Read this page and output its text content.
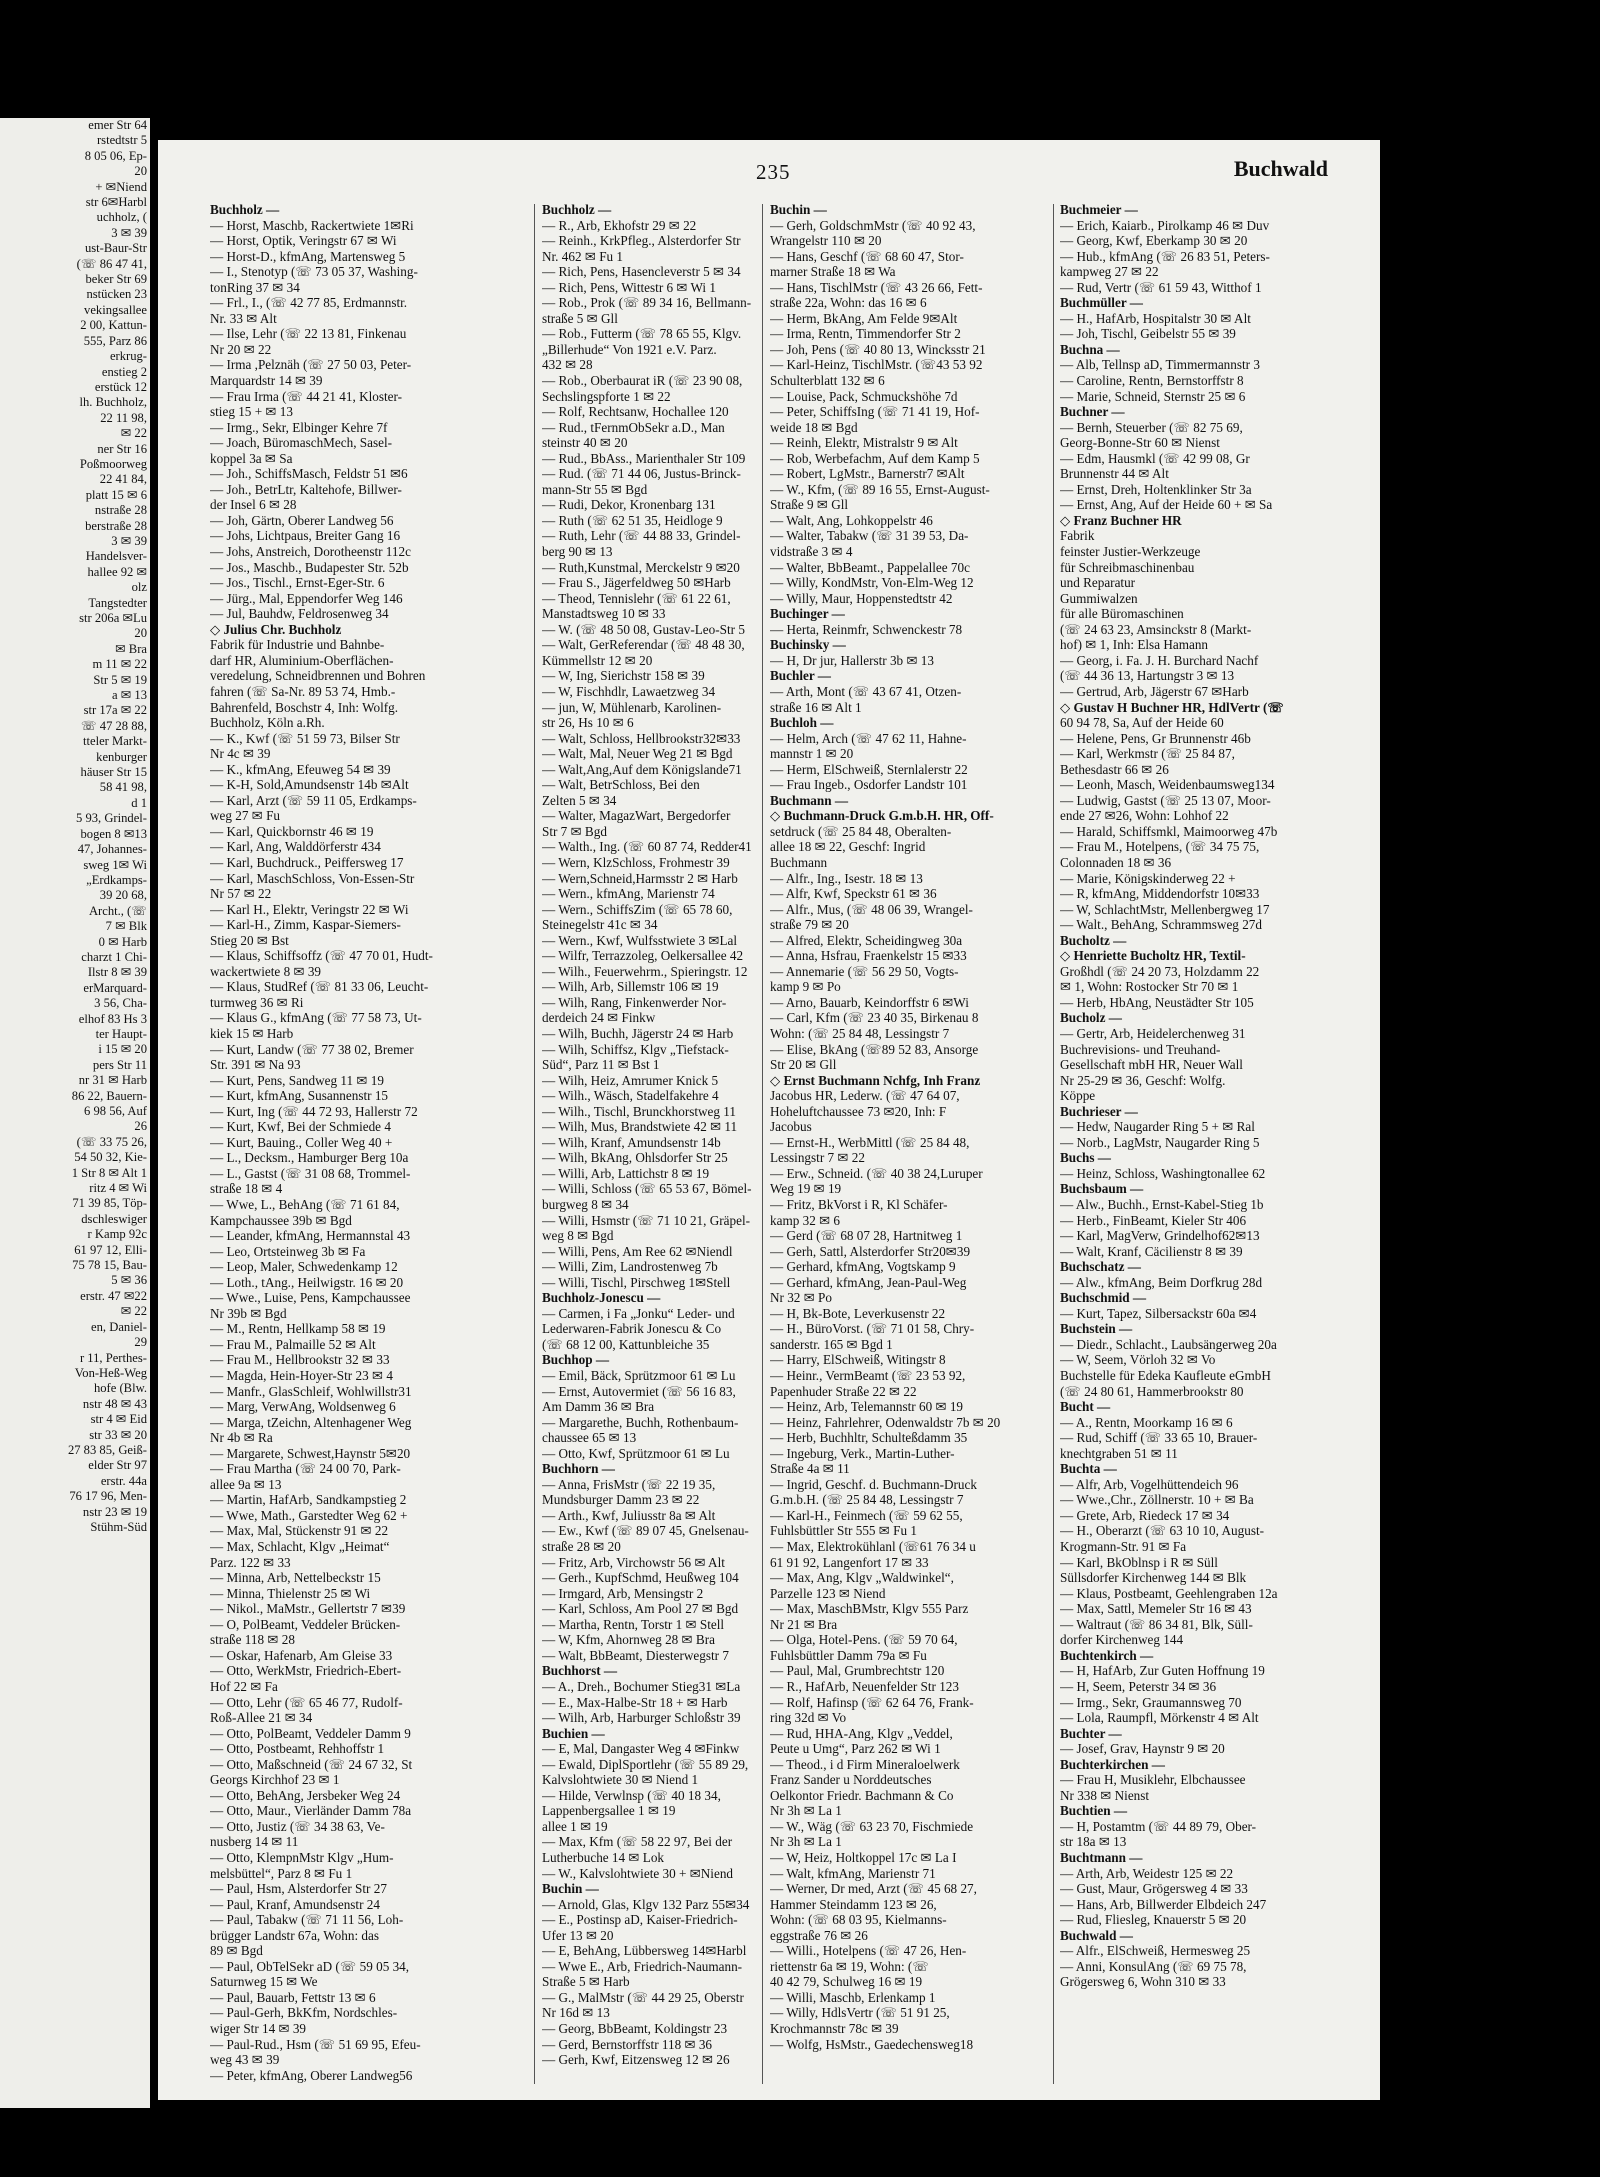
emer Str 64
rstedtstr 5
8 05 06, Ep-
20
+ ✉Niend
str 6✉Harbl
uchholz, (
3 ✉ 39
ust-Baur-Str
(☏ 86 47 41,
beker Str 69
nstücken 23
vekingsallee
2 00, Kattun-
555, Parz 86
erkrug-
enstieg 2
erstück 12
lh. Buchholz,
22 11 98,
✉ 22
ner Str 16
Poßmoorweg
22 41 84,
platt 15 ✉ 6
nstraße 28
berstraße 28
3 ✉ 39
Handelsver-
hallee 92 ✉
olz
Tangstedter
str 206a ✉Lu
20
✉ Bra
m 11 ✉ 22
Str 5 ✉ 19
a ✉ 13
str 17a ✉ 22
☏ 47 28 88,
tteler Markt-
kenburger
häuser Str 15
58 41 98,
d 1
5 93, Grindel-
bogen 8 ✉13
47, Johannes-
sweg 1✉ Wi
„Erdkamps-
39 20 68,
Archt., (☏
7 ✉ Blk
0 ✉ Harb
charzt 1 Chi-
Ilstr 8 ✉ 39
erMarquard-
3 56, Cha-
elhof 83 Hs 3
ter Haupt-
i 15 ✉ 20
pers Str 11
nr 31 ✉ Harb
86 22, Bauern-
6 98 56, Auf
26
(☏ 33 75 26,
54 50 32, Kie-
1 Str 8 ✉ Alt 1
ritz 4 ✉ Wi
71 39 85, Töp-
dschleswiger
r Kamp 92c
61 97 12, Elli-
75 78 15, Bau-
5 ✉ 36
erstr. 47 ✉22
✉ 22
en, Daniel-
29
r 11, Perthes-
Von-Heß-Weg
hofe (Blw.
nstr 48 ✉ 43
str 4 ✉ Eid
str 33 ✉ 20
27 83 85, Geiß-
elder Str 97
erstr. 44a
76 17 96, Men-
nstr 23 ✉ 19
Stühm-Süd
235	Buchwald
Buchholz —
— Horst, Maschb, Rackertwiete 1✉Ri
— Horst, Optik, Veringstr 67 ✉ Wi
— Horst-D., kfmAng, Martensweg 5
— I., Stenotyp (☏ 73 05 37, Washing-
tonRing 37 ✉ 34
— Frl., I., (☏ 42 77 85, Erdmannstr.
Nr. 33 ✉ Alt
— Ilse, Lehr (☏ 22 13 81, Finkenau
Nr 20 ✉ 22
— Irma ,Pelznäh (☏ 27 50 03, Peter-
Marquardstr 14 ✉ 39
— Frau Irma (☏ 44 21 41, Kloster-
stieg 15 + ✉ 13
— Irmg., Sekr, Elbinger Kehre 7f
— Joach, BüromaschMech, Sasel-
koppel 3a ✉ Sa
— Joh., SchiffsMasch, Feldstr 51 ✉6
— Joh., BetrLtr, Kaltehofe, Billwer-
der Insel 6 ✉ 28
— Joh, Gärtn, Oberer Landweg 56
— Johs, Lichtpaus, Breiter Gang 16
— Johs, Anstreich, Dorotheenstr 112c
— Jos., Maschb., Budapester Str. 52b
— Jos., Tischl., Ernst-Eger-Str. 6
— Jürg., Mal, Eppendorfer Weg 146
— Jul, Bauhdw, Feldrosenweg 34
◇ Julius Chr. Buchholz
Fabrik für Industrie und Bahnbe-
darf HR, Aluminium-Oberflächen-
veredelung, Schneidbrennen und Bohren
fahren (☏ Sa-Nr. 89 53 74, Hmb.-
Bahrenfeld, Boschstr 4, Inh: Wolfg.
Buchholz, Köln a.Rh.
— K., Kwf (☏ 51 59 73, Bilser Str
Nr 4c ✉ 39
— K., kfmAng, Efeuweg 54 ✉ 39
— K-H, Sold,Amundsenstr 14b ✉Alt
— Karl, Arzt (☏ 59 11 05, Erdkamps-
weg 27 ✉ Fu
— Karl, Quickbornstr 46 ✉ 19
— Karl, Ang, Walddörferstr 434
— Karl, Buchdruck., Peiffersweg 17
— Karl, MaschSchloss, Von-Essen-Str
Nr 57 ✉ 22
— Karl H., Elektr, Veringstr 22 ✉ Wi
— Karl-H., Zimm, Kaspar-Siemers-
Stieg 20 ✉ Bst
— Klaus, Schiffsoffz (☏ 47 70 01, Hudt-
wackertwiete 8 ✉ 39
— Klaus, StudRef (☏ 81 33 06, Leucht-
turmweg 36 ✉ Ri
— Klaus G., kfmAng (☏ 77 58 73, Ut-
kiek 15 ✉ Harb
— Kurt, Landw (☏ 77 38 02, Bremer
Str. 391 ✉ Na 93
— Kurt, Pens, Sandweg 11 ✉ 19
— Kurt, kfmAng, Susannenstr 15
— Kurt, Ing (☏ 44 72 93, Hallerstr 72
— Kurt, Kwf, Bei der Schmiede 4
— Kurt, Bauing., Coller Weg 40 +
— L., Decksm., Hamburger Berg 10a
— L., Gastst (☏ 31 08 68, Trommel-
straße 18 ✉ 4
— Wwe, L., BehAng (☏ 71 61 84,
Kampchaussee 39b ✉ Bgd
— Leander, kfmAng, Hermannstal 43
— Leo, Ortsteinweg 3b ✉ Fa
— Leop, Maler, Schwedenkamp 12
— Loth., tAng., Heilwigstr. 16 ✉ 20
— Wwe., Luise, Pens, Kampchaussee
Nr 39b ✉ Bgd
— M., Rentn, Hellkamp 58 ✉ 19
— Frau M., Palmaille 52 ✉ Alt
— Frau M., Hellbrookstr 32 ✉ 33
— Magda, Hein-Hoyer-Str 23 ✉ 4
— Manfr., GlasSchleif, Wohlwillstr31
— Marg, VerwAng, Woldsenweg 6
— Marga, tZeichn, Altenhagener Weg
Nr 4b ✉ Ra
— Margarete, Schwest,Haynstr 5✉20
— Frau Martha (☏ 24 00 70, Park-
allee 9a ✉ 13
— Martin, HafArb, Sandkampstieg 2
— Wwe, Math., Garstedter Weg 62 +
— Max, Mal, Stückenstr 91 ✉ 22
— Max, Schlacht, Klgv „Heimat“
Parz. 122 ✉ 33
— Minna, Arb, Nettelbeckstr 15
— Minna, Thielenstr 25 ✉ Wi
— Nikol., MaMstr., Gellertstr 7 ✉39
— O, PolBeamt, Veddeler Brücken-
straße 118 ✉ 28
— Oskar, Hafenarb, Am Gleise 33
— Otto, WerkMstr, Friedrich-Ebert-
Hof 22 ✉ Fa
— Otto, Lehr (☏ 65 46 77, Rudolf-
Roß-Allee 21 ✉ 34
— Otto, PolBeamt, Veddeler Damm 9
— Otto, Postbeamt, Rehhoffstr 1
— Otto, Maßschneid (☏ 24 67 32, St
Georgs Kirchhof 23 ✉ 1
— Otto, BehAng, Jersbeker Weg 24
— Otto, Maur., Vierländer Damm 78a
— Otto, Justiz (☏ 34 38 63, Ve-
nusberg 14 ✉ 11
— Otto, KlempnMstr Klgv „Hum-
melsbüttel“, Parz 8 ✉ Fu 1
— Paul, Hsm, Alsterdorfer Str 27
— Paul, Kranf, Amundsenstr 24
— Paul, Tabakw (☏ 71 11 56, Loh-
brügger Landstr 67a, Wohn: das
89 ✉ Bgd
— Paul, ObTelSekr aD (☏ 59 05 34,
Saturnweg 15 ✉ We
— Paul, Bauarb, Fettstr 13 ✉ 6
— Paul-Gerh, BkKfm, Nordschles-
wiger Str 14 ✉ 39
— Paul-Rud., Hsm (☏ 51 69 95, Efeu-
weg 43 ✉ 39
— Peter, kfmAng, Oberer Landweg56
Buchholz —
— R., Arb, Ekhofstr 29 ✉ 22
— Reinh., KrkPfleg., Alsterdorfer Str
Nr. 462 ✉ Fu 1
— Rich, Pens, Hasencleverstr 5 ✉ 34
— Rich, Pens, Wittestr 6 ✉ Wi 1
— Rob., Prok (☏ 89 34 16, Bellmann-
straße 5 ✉ Gll
— Rob., Futterm (☏ 78 65 55, Klgv.
„Billerhude“ Von 1921 e.V. Parz.
432 ✉ 28
— Rob., Oberbaurat iR (☏ 23 90 08,
Sechslingspforte 1 ✉ 22
— Rolf, Rechtsanw, Hochallee 120
— Rud., tFernmObSekr a.D., Man
steinstr 40 ✉ 20
— Rud., BbAss., Marienthaler Str 109
— Rud. (☏ 71 44 06, Justus-Brinck-
mann-Str 55 ✉ Bgd
— Rudi, Dekor, Kronenbarg 131
— Ruth (☏ 62 51 35, Heidloge 9
— Ruth, Lehr (☏ 44 88 33, Grindel-
berg 90 ✉ 13
— Ruth,Kunstmal, Merckelstr 9 ✉20
— Frau S., Jägerfeldweg 50 ✉Harb
— Theod, Tennislehr (☏ 61 22 61,
Manstadtsweg 10 ✉ 33
— W. (☏ 48 50 08, Gustav-Leo-Str 5
— Walt, GerReferendar (☏ 48 48 30,
Kümmellstr 12 ✉ 20
— W, Ing, Sierichstr 158 ✉ 39
— W, Fischhdlr, Lawaetzweg 34
— jun, W, Mühlenarb, Karolinen-
str 26, Hs 10 ✉ 6
— Walt, Schloss, Hellbrookstr32✉33
— Walt, Mal, Neuer Weg 21 ✉ Bgd
— Walt,Ang,Auf dem Königslande71
— Walt, BetrSchloss, Bei den
Zelten 5 ✉ 34
— Walter, MagazWart, Bergedorfer
Str 7 ✉ Bgd
— Walth., Ing. (☏ 60 87 74, Redder41
— Wern, KlzSchloss, Frohmestr 39
— Wern,Schneid,Harmsstr 2 ✉ Harb
— Wern., kfmAng, Marienstr 74
— Wern., SchiffsZim (☏ 65 78 60,
Steinegelstr 41c ✉ 34
— Wern., Kwf, Wulfsstwiete 3 ✉Lal
— Wilfr, Terrazzoleg, Oelkersallee 42
— Wilh., Feuerwehrm., Spieringstr. 12
— Wilh, Arb, Sillemstr 106 ✉ 19
— Wilh, Rang, Finkenwerder Nor-
derdeich 24 ✉ Finkw
— Wilh, Buchh, Jägerstr 24 ✉ Harb
— Wilh, Schiffsz, Klgv „Tiefstack-
Süd“, Parz 11 ✉ Bst 1
— Wilh, Heiz, Amrumer Knick 5
— Wilh., Wäsch, Stadelfakehre 4
— Wilh., Tischl, Brunckhorstweg 11
— Wilh, Mus, Brandstwiete 42 ✉ 11
— Wilh, Kranf, Amundsenstr 14b
— Wilh, BkAng, Ohlsdorfer Str 25
— Willi, Arb, Lattichstr 8 ✉ 19
— Willi, Schloss (☏ 65 53 67, Bömel-
burgweg 8 ✉ 34
— Willi, Hsmstr (☏ 71 10 21, Gräpel-
weg 8 ✉ Bgd
— Willi, Pens, Am Ree 62 ✉Niendl
— Willi, Zim, Landrostenweg 7b
— Willi, Tischl, Pirschweg 1✉Stell
Buchholz-Jonescu —
— Carmen, i Fa „Jonku“ Leder- und
Lederwaren-Fabrik Jonescu & Co
(☏ 68 12 00, Kattunbleiche 35
Buchhop —
— Emil, Bäck, Sprützmoor 61 ✉ Lu
— Ernst, Autovermiet (☏ 56 16 83,
Am Damm 36 ✉ Bra
— Margarethe, Buchh, Rothenbaum-
chaussee 65 ✉ 13
— Otto, Kwf, Sprützmoor 61 ✉ Lu
Buchhorn —
— Anna, FrisMstr (☏ 22 19 35,
Mundsburger Damm 23 ✉ 22
— Arth., Kwf, Juliusstr 8a ✉ Alt
— Ew., Kwf (☏ 89 07 45, Gnelsenau-
straße 28 ✉ 20
— Fritz, Arb, Virchowstr 56 ✉ Alt
— Gerh., KupfSchmd, Heußweg 104
— Irmgard, Arb, Mensingstr 2
— Karl, Schloss, Am Pool 27 ✉ Bgd
— Martha, Rentn, Torstr 1 ✉ Stell
— W, Kfm, Ahornweg 28 ✉ Bra
— Walt, BbBeamt, Diesterwegstr 7
Buchhorst —
— A., Dreh., Bochumer Stieg31 ✉La
— E., Max-Halbe-Str 18 + ✉ Harb
— Wilh, Arb, Harburger Schloßstr 39
Buchien —
— E, Mal, Dangaster Weg 4 ✉Finkw
— Ewald, DiplSportlehr (☏ 55 89 29,
Kalvslohtwiete 30 ✉ Niend 1
— Hilde, Verwlnsp (☏ 40 18 34,
Lappenbergsallee 1 ✉ 19
allee 1 ✉ 19
— Max, Kfm (☏ 58 22 97, Bei der
Lutherbuche 14 ✉ Lok
— W., Kalvslohtwiete 30 + ✉Niend
Buchin —
— Arnold, Glas, Klgv 132 Parz 55✉34
— E., Postinsp aD, Kaiser-Friedrich-
Ufer 13 ✉ 20
— E, BehAng, Lübbersweg 14✉Harbl
— Wwe E., Arb, Friedrich-Naumann-
Straße 5 ✉ Harb
— G., MalMstr (☏ 44 29 25, Oberstr
Nr 16d ✉ 13
— Georg, BbBeamt, Koldingstr 23
— Gerd, Bernstorffstr 118 ✉ 36
— Gerh, Kwf, Eitzensweg 12 ✉ 26
Buchin —
— Gerh, GoldschmMstr (☏ 40 92 43,
Wrangelstr 110 ✉ 20
— Hans, Geschf (☏ 68 60 47, Stor-
marner Straße 18 ✉ Wa
— Hans, TischlMstr (☏ 43 26 66, Fett-
straße 22a, Wohn: das 16 ✉ 6
— Herm, BkAng, Am Felde 9✉Alt
— Irma, Rentn, Timmendorfer Str 2
— Joh, Pens (☏ 40 80 13, Wincksstr 21
— Karl-Heinz, TischlMstr. (☏43 53 92
Schulterblatt 132 ✉ 6
— Louise, Pack, Schmuckshöhe 7d
— Peter, SchiffsIng (☏ 71 41 19, Hof-
weide 18 ✉ Bgd
— Reinh, Elektr, Mistralstr 9 ✉ Alt
— Rob, Werbefachm, Auf dem Kamp 5
— Robert, LgMstr., Barnerstr7 ✉Alt
— W., Kfm, (☏ 89 16 55, Ernst-August-
Straße 9 ✉ Gll
— Walt, Ang, Lohkoppelstr 46
— Walter, Tabakw (☏ 31 39 53, Da-
vidstraße 3 ✉ 4
— Walter, BbBeamt., Pappelallee 70c
— Willy, KondMstr, Von-Elm-Weg 12
— Willy, Maur, Hoppenstedtstr 42
Buchinger —
— Herta, Reinmfr, Schwenckestr 78
Buchinsky —
— H, Dr jur, Hallerstr 3b ✉ 13
Buchler —
— Arth, Mont (☏ 43 67 41, Otzen-
straße 16 ✉ Alt 1
Buchloh —
— Helm, Arch (☏ 47 62 11, Hahne-
mannstr 1 ✉ 20
— Herm, ElSchweiß, Sternlalerstr 22
— Frau Ingeb., Osdorfer Landstr 101
Buchmann —
◇ Buchmann-Druck G.m.b.H. HR, Off-
setdruck (☏ 25 84 48, Oberalten-
allee 18 ✉ 22, Geschf: Ingrid
Buchmann
— Alfr., Ing., Isestr. 18 ✉ 13
— Alfr, Kwf, Speckstr 61 ✉ 36
— Alfr., Mus, (☏ 48 06 39, Wrangel-
straße 79 ✉ 20
— Alfred, Elektr, Scheidingweg 30a
— Anna, Hsfrau, Fraenkelstr 15 ✉33
— Annemarie (☏ 56 29 50, Vogts-
kamp 9 ✉ Po
— Arno, Bauarb, Keindorffstr 6 ✉Wi
— Carl, Kfm (☏ 23 40 35, Birkenau 8
Wohn: (☏ 25 84 48, Lessingstr 7
— Elise, BkAng (☏89 52 83, Ansorge
Str 20 ✉ Gll
◇ Ernst Buchmann Nchfg, Inh Franz
Jacobus HR, Lederw. (☏ 47 64 07,
Hoheluftchaussee 73 ✉20, Inh: F
Jacobus
— Ernst-H., WerbMittl (☏ 25 84 48,
Lessingstr 7 ✉ 22
— Erw., Schneid. (☏ 40 38 24,Luruper
Weg 19 ✉ 19
— Fritz, BkVorst i R, Kl Schäfer-
kamp 32 ✉ 6
— Gerd (☏ 68 07 28, Hartnitweg 1
— Gerh, Sattl, Alsterdorfer Str20✉39
— Gerhard, kfmAng, Vogtskamp 9
— Gerhard, kfmAng, Jean-Paul-Weg
Nr 32 ✉ Po
— H, Bk-Bote, Leverkusenstr 22
— H., BüroVorst. (☏ 71 01 58, Chry-
sanderstr. 165 ✉ Bgd 1
— Harry, ElSchweiß, Witingstr 8
— Heinr., VermBeamt (☏ 23 53 92,
Papenhuder Straße 22 ✉ 22
— Heinz, Arb, Telemannstr 60 ✉ 19
— Heinz, Fahrlehrer, Odenwaldstr 7b ✉ 20
— Herb, Buchhltr, Schulteßdamm 35
— Ingeburg, Verk., Martin-Luther-
Straße 4a ✉ 11
— Ingrid, Geschf. d. Buchmann-Druck
G.m.b.H. (☏ 25 84 48, Lessingstr 7
— Karl-H., Feinmech (☏ 59 62 55,
Fuhlsbüttler Str 555 ✉ Fu 1
— Max, Elektrokühlanl (☏61 76 34 u
61 91 92, Langenfort 17 ✉ 33
— Max, Ang, Klgv „Waldwinkel“,
Parzelle 123 ✉ Niend
— Max, MaschBMstr, Klgv 555 Parz
Nr 21 ✉ Bra
— Olga, Hotel-Pens. (☏ 59 70 64,
Fuhlsbüttler Damm 79a ✉ Fu
— Paul, Mal, Grumbrechtstr 120
— R., HafArb, Neuenfelder Str 123
— Rolf, Hafinsp (☏ 62 64 76, Frank-
ring 32d ✉ Vo
— Rud, HHA-Ang, Klgv „Veddel,
Peute u Umg“, Parz 262 ✉ Wi 1
— Theod., i d Firm Mineraloelwerk
Franz Sander u Norddeutsches
Oelkontor Friedr. Bachmann & Co
Nr 3h ✉ La 1
— W., Wäg (☏ 63 23 70, Fischmiede
Nr 3h ✉ La 1
— W, Heiz, Holtkoppel 17c ✉ La I
— Walt, kfmAng, Marienstr 71
— Werner, Dr med, Arzt (☏ 45 68 27,
Hammer Steindamm 123 ✉ 26,
Wohn: (☏ 68 03 95, Kielmanns-
eggstraße 76 ✉ 26
— Willi., Hotelpens (☏ 47 26, Hen-
riettenstr 6a ✉ 19, Wohn: (☏
40 42 79, Schulweg 16 ✉ 19
— Willi, Maschb, Erlenkamp 1
— Willy, HdlsVertr (☏ 51 91 25,
Krochmannstr 78c ✉ 39
— Wolfg, HsMstr., Gaedechensweg18
Buchmeier —
— Erich, Kaiarb., Pirolkamp 46 ✉ Duv
— Georg, Kwf, Eberkamp 30 ✉ 20
— Hub., kfmAng (☏ 26 83 51, Peters-
kampweg 27 ✉ 22
— Rud, Vertr (☏ 61 59 43, Witthof 1
Buchmüller —
— H., HafArb, Hospitalstr 30 ✉ Alt
— Joh, Tischl, Geibelstr 55 ✉ 39
Buchna —
— Alb, Tellnsp aD, Timmermannstr 3
— Caroline, Rentn, Bernstorffstr 8
— Marie, Schneid, Sternstr 25 ✉ 6
Buchner —
— Bernh, Steuerber (☏ 82 75 69,
Georg-Bonne-Str 60 ✉ Nienst
— Edm, Hausmkl (☏ 42 99 08, Gr
Brunnenstr 44 ✉ Alt
— Ernst, Dreh, Holtenklinker Str 3a
— Ernst, Ang, Auf der Heide 60 + ✉ Sa
◇ Franz Buchner HR
Fabrik
feinster Justier-Werkzeuge
für Schreibmaschinenbau
und Reparatur
Gummiwalzen
für alle Büromaschinen
(☏ 24 63 23, Amsinckstr 8 (Markt-
hof) ✉ 1, Inh: Elsa Hamann
— Georg, i. Fa. J. H. Burchard Nachf
(☏ 44 36 13, Hartungstr 3 ✉ 13
— Gertrud, Arb, Jägerstr 67 ✉Harb
◇ Gustav H Buchner HR, HdlVertr (☏
60 94 78, Sa, Auf der Heide 60
— Helene, Pens, Gr Brunnenstr 46b
— Karl, Werkmstr (☏ 25 84 87,
Bethesdastr 66 ✉ 26
— Leonh, Masch, Weidenbaumsweg134
— Ludwig, Gastst (☏ 25 13 07, Moor-
ende 27 ✉26, Wohn: Lohhof 22
— Harald, Schiffsmkl, Maimoorweg 47b
— Frau M., Hotelpens, (☏ 34 75 75,
Colonnaden 18 ✉ 36
— Marie, Königskinderweg 22 +
— R, kfmAng, Middendorfstr 10✉33
— W, SchlachtMstr, Mellenbergweg 17
— Walt., BehAng, Schrammsweg 27d
Bucholtz —
◇ Henriette Bucholtz HR, Textil-
Großhdl (☏ 24 20 73, Holzdamm 22
✉ 1, Wohn: Rostocker Str 70 ✉ 1
— Herb, HbAng, Neustädter Str 105
Bucholz —
— Gertr, Arb, Heidelerchenweg 31
Buchrevisions- und Treuhand-
Gesellschaft mbH HR, Neuer Wall
Nr 25-29 ✉ 36, Geschf: Wolfg.
Köppe
Buchrieser —
— Hedw, Naugarder Ring 5 + ✉ Ral
— Norb., LagMstr, Naugarder Ring 5
Buchs —
— Heinz, Schloss, Washingtonallee 62
Buchsbaum —
— Alw., Buchh., Ernst-Kabel-Stieg 1b
— Herb., FinBeamt, Kieler Str 406
— Karl, MagVerw, Grindelhof62✉13
— Walt, Kranf, Cäcilienstr 8 ✉ 39
Buchschatz —
— Alw., kfmAng, Beim Dorfkrug 28d
Buchschmid —
— Kurt, Tapez, Silbersackstr 60a ✉4
Buchstein —
— Diedr., Schlacht., Laubsängerweg 20a
— W, Seem, Vörloh 32 ✉ Vo
Buchstelle für Edeka Kaufleute eGmbH
(☏ 24 80 61, Hammerbrookstr 80
Bucht —
— A., Rentn, Moorkamp 16 ✉ 6
— Rud, Schiff (☏ 33 65 10, Brauer-
knechtgraben 51 ✉ 11
Buchta —
— Alfr, Arb, Vogelhüttendeich 96
— Wwe.,Chr., Zöllnerstr. 10 + ✉ Ba
— Grete, Arb, Riedeck 17 ✉ 34
— H., Oberarzt (☏ 63 10 10, August-
Krogmann-Str. 91 ✉ Fa
— Karl, BkOblnsp i R ✉ Süll
Süllsdorfer Kirchenweg 144 ✉ Blk
— Klaus, Postbeamt, Geehlengraben 12a
— Max, Sattl, Memeler Str 16 ✉ 43
— Waltraut (☏ 86 34 81, Blk, Süll-
dorfer Kirchenweg 144
Buchtenkirch —
— H, HafArb, Zur Guten Hoffnung 19
— H, Seem, Peterstr 34 ✉ 36
— Irmg., Sekr, Graumannsweg 70
— Lola, Raumpfl, Mörkenstr 4 ✉ Alt
Buchter —
— Josef, Grav, Haynstr 9 ✉ 20
Buchterkirchen —
— Frau H, Musiklehr, Elbchaussee
Nr 338 ✉ Nienst
Buchtien —
— H, Postamtm (☏ 44 89 79, Ober-
str 18a ✉ 13
Buchtmann —
— Arth, Arb, Weidestr 125 ✉ 22
— Gust, Maur, Grögersweg 4 ✉ 33
— Hans, Arb, Billwerder Elbdeich 247
— Rud, Fliesleg, Knauerstr 5 ✉ 20
Buchwald —
— Alfr., ElSchweiß, Hermesweg 25
— Anni, KonsulAng (☏ 69 75 78,
Grögersweg 6, Wohn 310 ✉ 33
